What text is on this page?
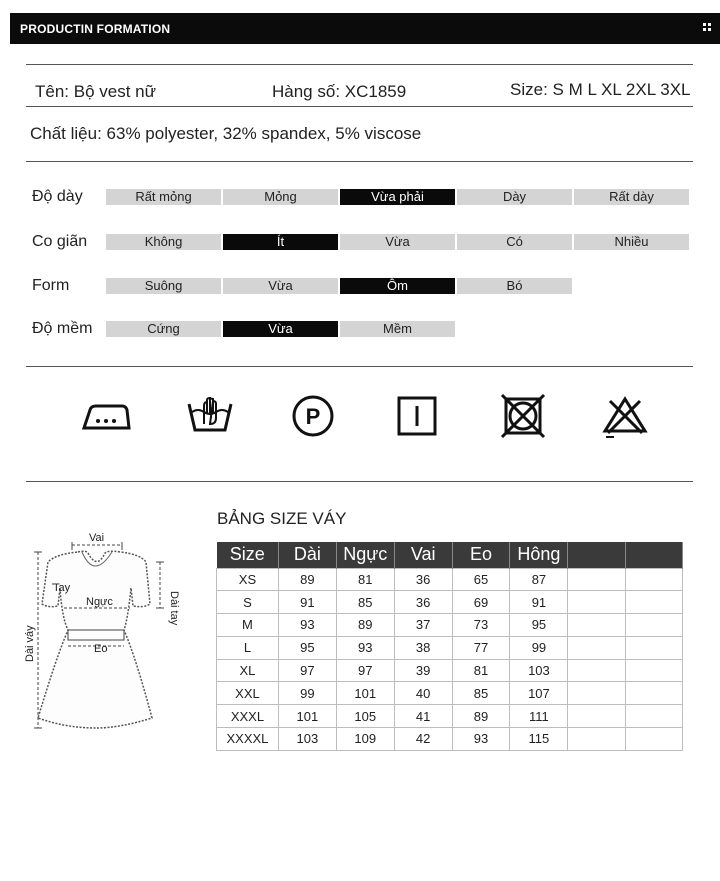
PRODUCTIN FORMATION
Tên: Bộ vest nữ	Hàng số: XC1859	Size: S M L XL 2XL 3XL
Chất liệu: 63% polyester, 32% spandex, 5% viscose
Độ dày	Rất mỏng	Mỏng	Vừa phải	Dày	Rất dày
Co giãn	Không	Ít	Vừa	Có	Nhiều
Form	Suông	Vừa	Ôm	Bó
Độ mềm	Cứng	Vừa	Mềm
P
Vai
Tay
Ngực
Eo
Dài tay
Dài váy
BẢNG SIZE VÁY
Size	Dài	Ngực	Vai	Eo	Hông		
XS	89	81	36	65	87		
S	91	85	36	69	91		
M	93	89	37	73	95		
L	95	93	38	77	99		
XL	97	97	39	81	103		
XXL	99	101	40	85	107		
XXXL	101	105	41	89	111		
XXXXL	103	109	42	93	115		
